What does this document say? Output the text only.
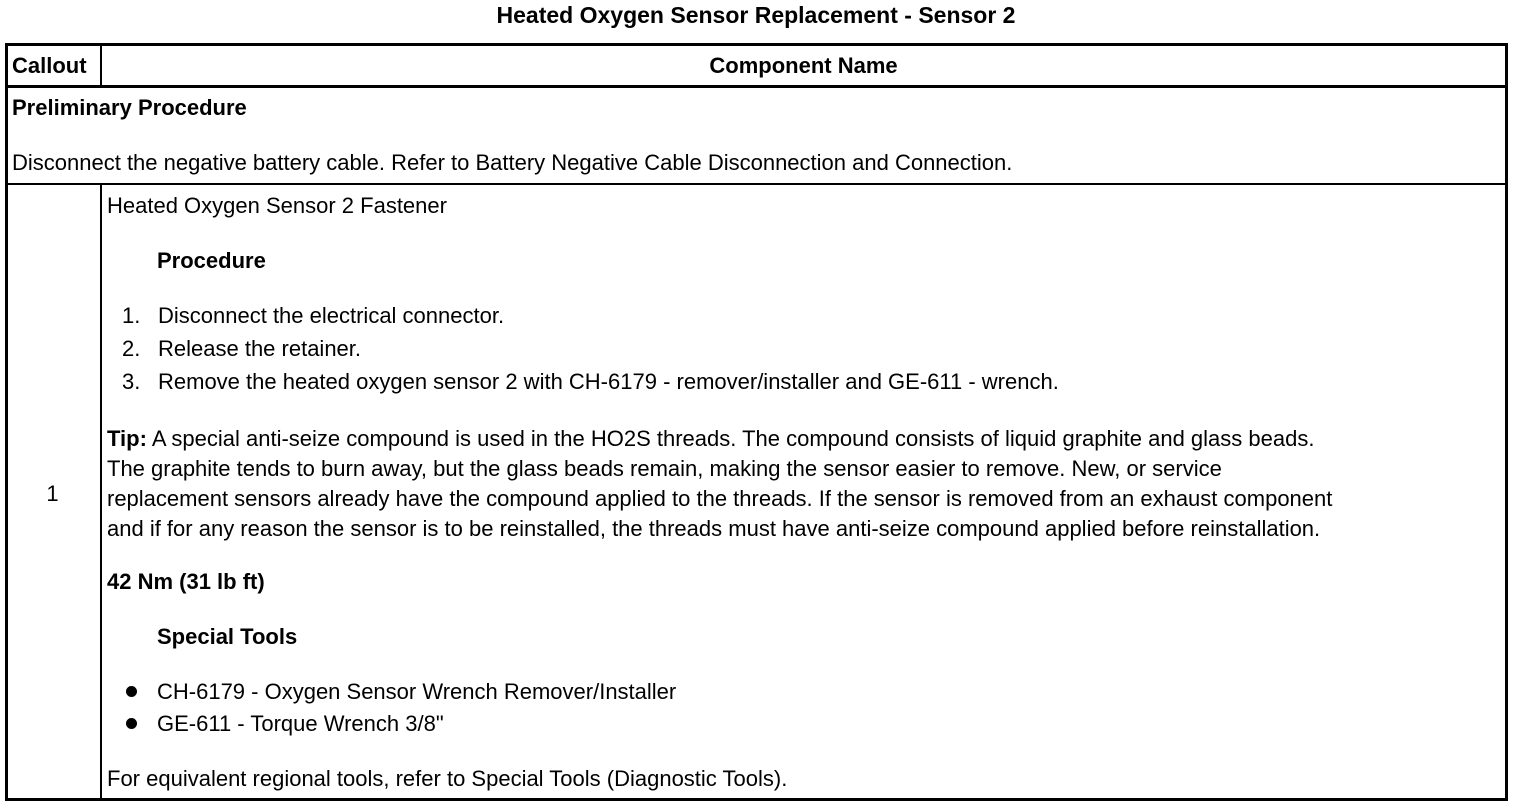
Heated Oxygen Sensor Replacement - Sensor 2
Callout	Component Name
Preliminary Procedure
Disconnect the negative battery cable. Refer to Battery Negative Cable Disconnection and Connection.
1
Heated Oxygen Sensor 2 Fastener
Procedure
1. Disconnect the electrical connector.
2. Release the retainer.
3. Remove the heated oxygen sensor 2 with CH-6179 - remover/installer and GE-611 - wrench.
Tip: A special anti-seize compound is used in the HO2S threads. The compound consists of liquid graphite and glass beads.
The graphite tends to burn away, but the glass beads remain, making the sensor easier to remove. New, or service
replacement sensors already have the compound applied to the threads. If the sensor is removed from an exhaust component
and if for any reason the sensor is to be reinstalled, the threads must have anti-seize compound applied before reinstallation.
42 Nm (31 lb ft)
Special Tools
CH-6179 - Oxygen Sensor Wrench Remover/Installer
GE-611 - Torque Wrench 3/8"
For equivalent regional tools, refer to Special Tools (Diagnostic Tools).
